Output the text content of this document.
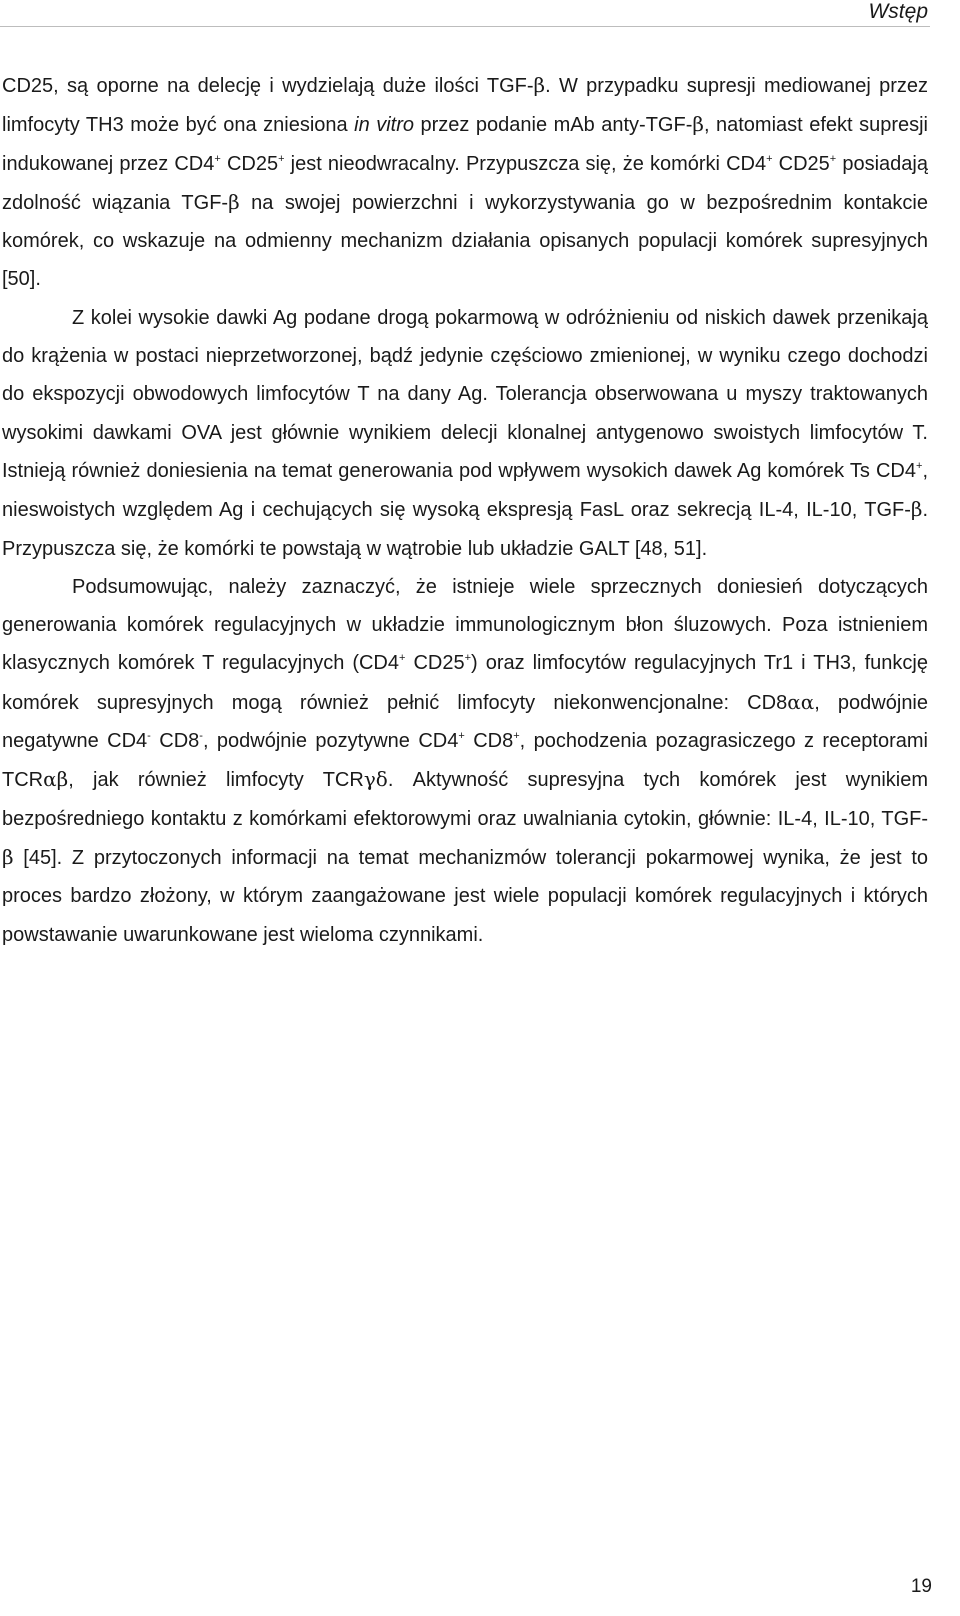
Wstęp

CD25, są oporne na delecję i wydzielają duże ilości TGF-β. W przypadku supresji mediowanej przez limfocyty TH3 może być ona zniesiona in vitro przez podanie mAb anty-TGF-β, natomiast efekt supresji indukowanej przez CD4+ CD25+ jest nieodwracalny. Przypuszcza się, że komórki CD4+ CD25+ posiadają zdolność wiązania TGF-β na swojej powierzchni i wykorzystywania go w bezpośrednim kontakcie komórek, co wskazuje na odmienny mechanizm działania opisanych populacji komórek supresyjnych [50].

Z kolei wysokie dawki Ag podane drogą pokarmową w odróżnieniu od niskich dawek przenikają do krążenia w postaci nieprzetworzonej, bądź jedynie częściowo zmienionej, w wyniku czego dochodzi do ekspozycji obwodowych limfocytów T na dany Ag. Tolerancja obserwowana u myszy traktowanych wysokimi dawkami OVA jest głównie wynikiem delecji klonalnej antygenowo swoistych limfocytów T. Istnieją również doniesienia na temat generowania pod wpływem wysokich dawek Ag komórek Ts CD4+, nieswoistych względem Ag i cechujących się wysoką ekspresją FasL oraz sekrecją IL-4, IL-10, TGF-β. Przypuszcza się, że komórki te powstają w wątrobie lub układzie GALT [48, 51].

Podsumowując, należy zaznaczyć, że istnieje wiele sprzecznych doniesień dotyczących generowania komórek regulacyjnych w układzie immunologicznym błon śluzowych. Poza istnieniem klasycznych komórek T regulacyjnych (CD4+ CD25+) oraz limfocytów regulacyjnych Tr1 i TH3, funkcję komórek supresyjnych mogą również pełnić limfocyty niekonwencjonalne: CD8αα, podwójnie negatywne CD4- CD8-, podwójnie pozytywne CD4+ CD8+, pochodzenia pozagrasiczego z receptorami TCRαβ, jak również limfocyty TCRγδ. Aktywność supresyjna tych komórek jest wynikiem bezpośredniego kontaktu z komórkami efektorowymi oraz uwalniania cytokin, głównie: IL-4, IL-10, TGF-β [45]. Z przytoczonych informacji na temat mechanizmów tolerancji pokarmowej wynika, że jest to proces bardzo złożony, w którym zaangażowane jest wiele populacji komórek regulacyjnych i których powstawanie uwarunkowane jest wieloma czynnikami.

19
